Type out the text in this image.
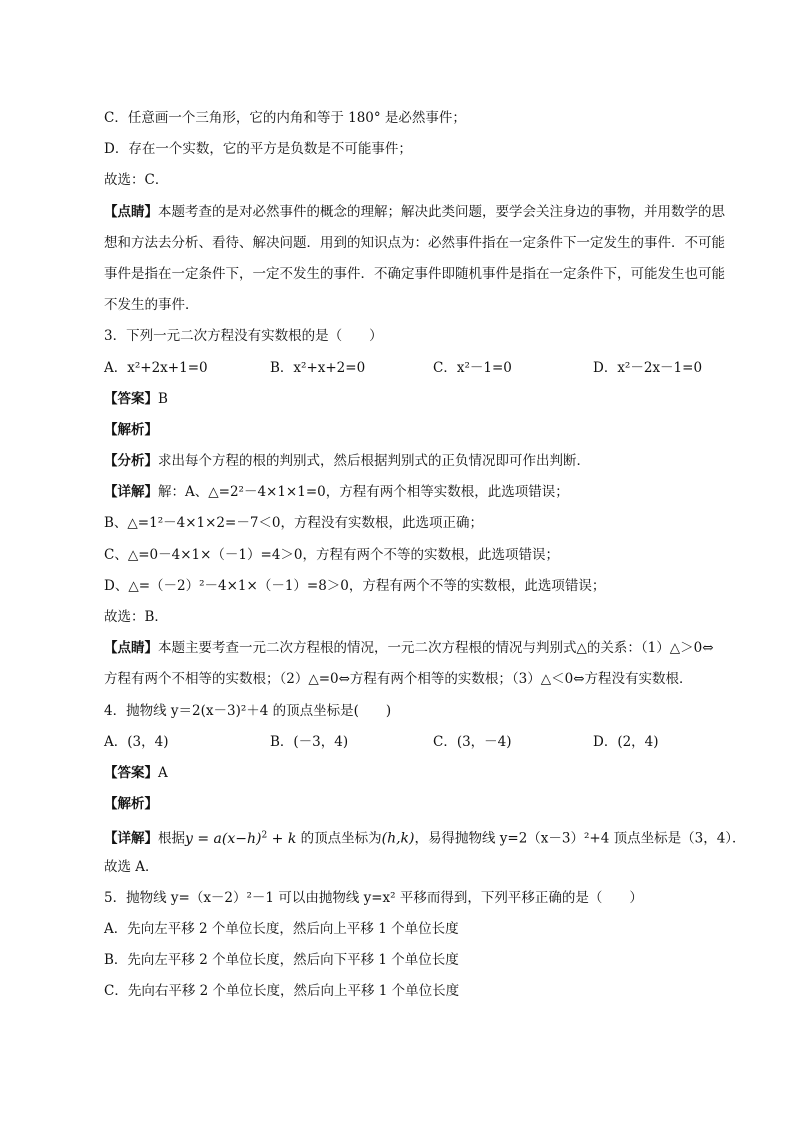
C．任意画一个三角形，它的内角和等于 180° 是必然事件；
D．存在一个实数，它的平方是负数是不可能事件；
故选：C．
【点睛】本题考查的是对必然事件的概念的理解；解决此类问题，要学会关注身边的事物，并用数学的思
想和方法去分析、看待、解决问题．用到的知识点为：必然事件指在一定条件下一定发生的事件．不可能
事件是指在一定条件下，一定不发生的事件．不确定事件即随机事件是指在一定条件下，可能发生也可能
不发生的事件．
3．下列一元二次方程没有实数根的是（　　）
A．x²+2x+1=0	B．x²+x+2=0	C．x²－1=0	D．x²－2x－1=0
【答案】B
【解析】
【分析】求出每个方程的根的判别式，然后根据判别式的正负情况即可作出判断．
【详解】解：A、△=2²－4×1×1=0，方程有两个相等实数根，此选项错误；
B、△=1²－4×1×2=－7＜0，方程没有实数根，此选项正确；
C、△=0－4×1×（－1）=4＞0，方程有两个不等的实数根，此选项错误；
D、△=（－2）²－4×1×（－1）=8＞0，方程有两个不等的实数根，此选项错误；
故选：B．
【点睛】本题主要考查一元二次方程根的情况，一元二次方程根的情况与判别式△的关系：（1）△＞0⇔
方程有两个不相等的实数根；（2）△=0⇔方程有两个相等的实数根；（3）△＜0⇔方程没有实数根．
4．抛物线 y＝2(x－3)²＋4 的顶点坐标是(　　)
A．(3，4)	B．(－3，4)	C．(3，－4)	D．(2，4)
【答案】A
【解析】
【详解】根据$y = a(x-h)^2 + k$ 的顶点坐标为(h,k)，易得抛物线 y=2（x－3）²+4 顶点坐标是（3，4）．
故选 A．
5．抛物线 y=（x－2）²－1 可以由抛物线 y=x² 平移而得到，下列平移正确的是（　　）
A．先向左平移 2 个单位长度，然后向上平移 1 个单位长度
B．先向左平移 2 个单位长度，然后向下平移 1 个单位长度
C．先向右平移 2 个单位长度，然后向上平移 1 个单位长度
